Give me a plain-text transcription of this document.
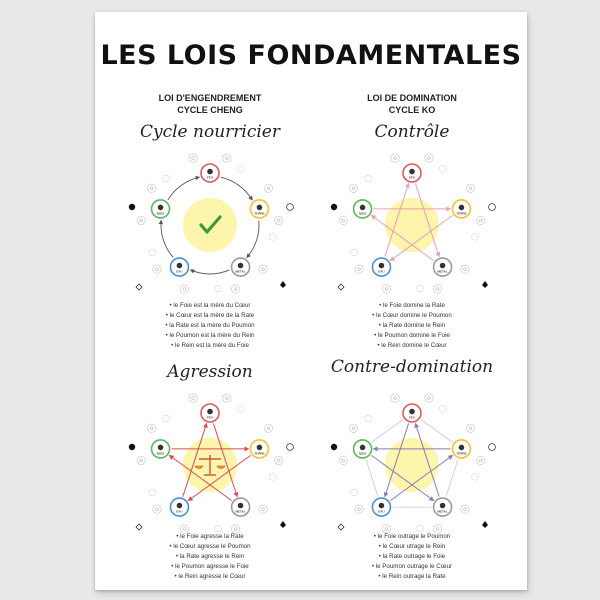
LES LOIS FONDAMENTALES
LOI D'ENGENDREMENT
CYCLE CHENG
LOI DE DOMINATION
CYCLE KO
Cycle nourricier	Contrôle
Agression	Contre-domination
FEU
TERRE
METAL
EAU
BOIS
FEU
TERRE
METAL
EAU
BOIS
FEU
TERRE
METAL
EAU
BOIS
FEU
TERRE
METAL
EAU
BOIS
• le Foie est la mère du Cœur
• le Cœur est la mère de la Rate
• la Rate est la mère du Poumon
• le Poumon est la mère du Rein
• le Rein est la mère du Foie
• le Foie domine la Rate
• le Cœur domine le Poumon
• la Rate domine le Rein
• le Poumon domine le Foie
• le Rein domine le Cœur
• le Foie agresse la Rate
• le Cœur agresse le Poumon
• la Rate agresse le Rein
• le Poumon agresse le Foie
• le Rein agresse le Cœur
• le Foie outrage le Poumon
• le Cœur utrage le Rein
• la Rate outrage le Foie
• le Poumon outrage le Cœur
• le Rein outrage la Rate
